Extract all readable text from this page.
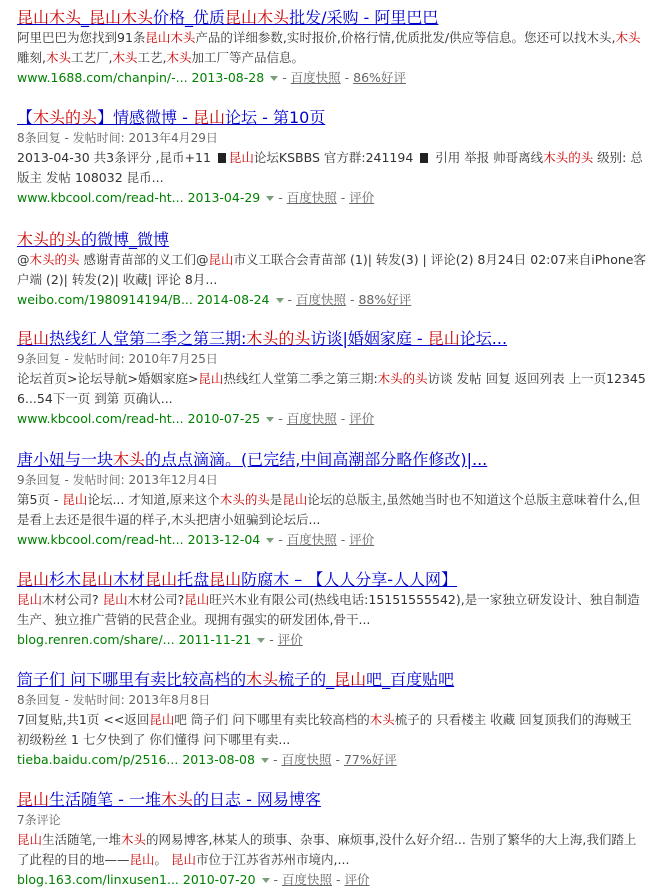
昆山木头_昆山木头价格_优质昆山木头批发/采购 - 阿里巴巴
阿里巴巴为您找到91条昆山木头产品的详细参数,实时报价,价格行情,优质批发/供应等信息。您还可以找木头,木头雕刻,木头工艺厂,木头工艺,木头加工厂等产品信息。
www.1688.com/chanpin/-... 2013-08-28 - 百度快照 - 86%好评
【木头的头】情感微博 - 昆山论坛 - 第10页
8条回复 - 发帖时间: 2013年4月29日
2013-04-30 共3条评分 ,昆币+11 昆山论坛KSBBS 官方群:241194  引用 举报 帅哥离线木头的头 级别: 总版主 发帖 108032 昆币...
www.kbcool.com/read-ht... 2013-04-29 - 百度快照 - 评价
木头的头的微博_微博
@木头的头 感谢青苗部的义工们@昆山市义工联合会青苗部 (1)| 转发(3) | 评论(2) 8月24日 02:07来自iPhone客户端 (2)| 转发(2)| 收藏| 评论 8月...
weibo.com/1980914194/B... 2014-08-24 - 百度快照 - 88%好评
昆山热线红人堂第二季之第三期:木头的头访谈|婚姻家庭 - 昆山论坛...
9条回复 - 发帖时间: 2010年7月25日
论坛首页>论坛导航>婚姻家庭>昆山热线红人堂第二季之第三期:木头的头访谈 发帖 回复 返回列表 上一页123456...54下一页 到第 页确认...
www.kbcool.com/read-ht... 2010-07-25 - 百度快照 - 评价
唐小妞与一块木头的点点滴滴。(已完结,中间高潮部分略作修改)|...
9条回复 - 发帖时间: 2013年12月4日
第5页 - 昆山论坛... 才知道,原来这个木头的头是昆山论坛的总版主,虽然她当时也不知道这个总版主意味着什么,但是看上去还是很牛逼的样子,木头把唐小妞骗到论坛后...
www.kbcool.com/read-ht... 2013-12-04 - 百度快照 - 评价
昆山杉木昆山木材昆山托盘昆山防腐木 – 【人人分享-人人网】
昆山木材公司? 昆山木材公司?昆山旺兴木业有限公司(热线电话:15151555542),是一家独立研发设计、独自制造生产、独立推广营销的民营企业。现拥有强实的研发团体,骨干...
blog.renren.com/share/... 2011-11-21 - 评价
筒子们 问下哪里有卖比较高档的木头梳子的_昆山吧_百度贴吧
8条回复 - 发帖时间: 2013年8月8日
7回复贴,共1页 <<返回昆山吧 筒子们 问下哪里有卖比较高档的木头梳子的 只看楼主 收藏 回复顶我们的海贼王 初级粉丝 1 七夕快到了 你们懂得 问下哪里有卖...
tieba.baidu.com/p/2516... 2013-08-08 - 百度快照 - 77%好评
昆山生活随笔 - 一堆木头的日志 - 网易博客
7条评论
昆山生活随笔,一堆木头的网易博客,林某人的琐事、杂事、麻烦事,没什么好介绍... 告别了繁华的大上海,我们踏上了此程的目的地——昆山。 昆山市位于江苏省苏州市境内,...
blog.163.com/linxusen1... 2010-07-20 - 百度快照 - 评价
